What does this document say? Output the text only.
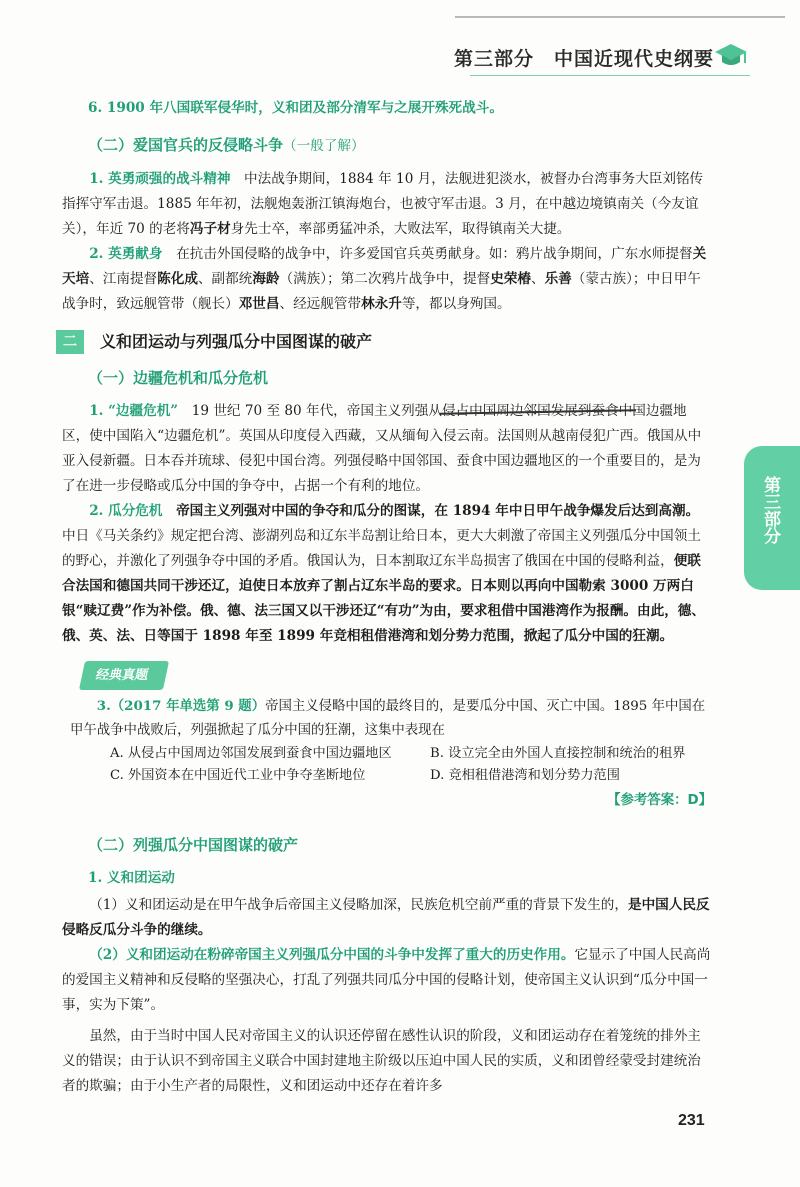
第三部分　中国近现代史纲要
第三部分

6. 1900 年八国联军侵华时，义和团及部分清军与之展开殊死战斗。

（二）爱国官兵的反侵略斗争（一般了解）

1. 英勇顽强的战斗精神　中法战争期间，1884 年 10 月，法舰进犯淡水，被督办台湾事务大臣刘铭传指挥守军击退。1885 年年初，法舰炮轰浙江镇海炮台，也被守军击退。3 月，在中越边境镇南关（今友谊关），年近 70 的老将冯子材身先士卒，率部勇猛冲杀，大败法军，取得镇南关大捷。

2. 英勇献身　在抗击外国侵略的战争中，许多爱国官兵英勇献身。如：鸦片战争期间，广东水师提督关天培、江南提督陈化成、副都统海龄（满族）；第二次鸦片战争中，提督史荣椿、乐善（蒙古族）；中日甲午战争时，致远舰管带（舰长）邓世昌、经远舰管带林永升等，都以身殉国。

二	义和团运动与列强瓜分中国图谋的破产
（一）边疆危机和瓜分危机

1. “边疆危机”　19 世纪 70 至 80 年代，帝国主义列强从侵占中国周边邻国发展到蚕食中
国边疆地区，使中国陷入“边疆危机”。英国从印度侵入西藏，又从缅甸入侵云南。法国则从越南侵犯广西。俄国从中亚入侵新疆。日本吞并琉球、侵犯中国台湾。列强侵略中国邻国、蚕食中国边疆地区的一个重要目的，是为了在进一步侵略或瓜分中国的争夺中，占据一个有利的地位。

2. 瓜分危机　帝国主义列强对中国的争夺和瓜分的图谋，在 1894 年中日甲午战争爆发后达到高潮。中日《马关条约》规定把台湾、澎湖列岛和辽东半岛割让给日本，更大大刺激了帝国主义列强瓜分中国领土的野心，并激化了列强争夺中国的矛盾。俄国认为，日本割取辽东半岛损害了俄国在中国的侵略利益，便联合法国和德国共同干涉还辽，迫使日本放弃了割占辽东半岛的要求。日本则以再向中国勒索 3000 万两白银“赎辽费”作为补偿。俄、德、法三国又以干涉还辽“有功”为由，要求租借中国港湾作为报酬。由此，德、俄、英、法、日等国于 1898 年至 1899 年竞相租借港湾和划分势力范围，掀起了瓜分中国的狂潮。

经典真题

3.（2017 年单选第 9 题）帝国主义侵略中国的最终目的，是要瓜分中国、灭亡中国。1895 年中国在甲午战争中战败后，列强掀起了瓜分中国的狂潮，这集中表现在

A. 从侵占中国周边邻国发展到蚕食中国边疆地区	B. 设立完全由外国人直接控制和统治的租界
C. 外国资本在中国近代工业中争夺垄断地位	D. 竞相租借港湾和划分势力范围
【参考答案：D】
（二）列强瓜分中国图谋的破产

1. 义和团运动

（1）义和团运动是在甲午战争后帝国主义侵略加深，民族危机空前严重的背景下发生的，是中国人民反侵略反瓜分斗争的继续。

（2）义和团运动在粉碎帝国主义列强瓜分中国的斗争中发挥了重大的历史作用。它显示了中国人民高尚的爱国主义精神和反侵略的坚强决心，打乱了列强共同瓜分中国的侵略计划，使帝国主义认识到“瓜分中国一事，实为下策”。

虽然，由于当时中国人民对帝国主义的认识还停留在感性认识的阶段，义和团运动存在着笼统的排外主义的错误；由于认识不到帝国主义联合中国封建地主阶级以压迫中国人民的实质，义和团曾经蒙受封建统治者的欺骗；由于小生产者的局限性，义和团运动中还存在着许多

231
